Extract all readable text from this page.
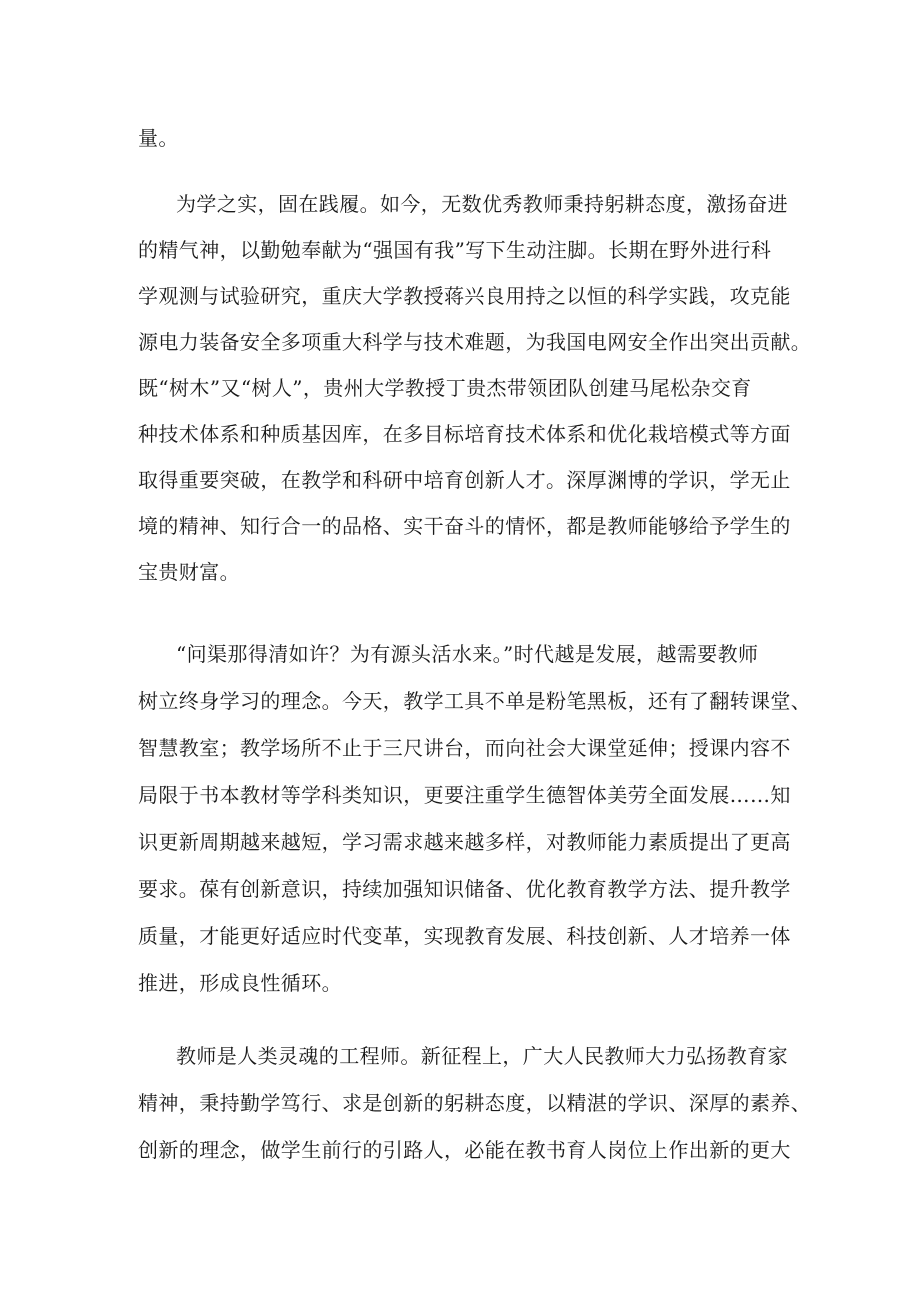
量。
为学之实，固在践履。如今，无数优秀教师秉持躬耕态度，激扬奋进
的精气神，以勤勉奉献为“强国有我”写下生动注脚。长期在野外进行科
学观测与试验研究，重庆大学教授蒋兴良用持之以恒的科学实践，攻克能
源电力装备安全多项重大科学与技术难题，为我国电网安全作出突出贡献。
既“树木”又“树人”，贵州大学教授丁贵杰带领团队创建马尾松杂交育
种技术体系和种质基因库，在多目标培育技术体系和优化栽培模式等方面
取得重要突破，在教学和科研中培育创新人才。深厚渊博的学识，学无止
境的精神、知行合一的品格、实干奋斗的情怀，都是教师能够给予学生的
宝贵财富。
“问渠那得清如许？为有源头活水来。”时代越是发展，越需要教师
树立终身学习的理念。今天，教学工具不单是粉笔黑板，还有了翻转课堂、
智慧教室；教学场所不止于三尺讲台，而向社会大课堂延伸；授课内容不
局限于书本教材等学科类知识，更要注重学生德智体美劳全面发展……知
识更新周期越来越短，学习需求越来越多样，对教师能力素质提出了更高
要求。葆有创新意识，持续加强知识储备、优化教育教学方法、提升教学
质量，才能更好适应时代变革，实现教育发展、科技创新、人才培养一体
推进，形成良性循环。
教师是人类灵魂的工程师。新征程上，广大人民教师大力弘扬教育家
精神，秉持勤学笃行、求是创新的躬耕态度，以精湛的学识、深厚的素养、
创新的理念，做学生前行的引路人，必能在教书育人岗位上作出新的更大
